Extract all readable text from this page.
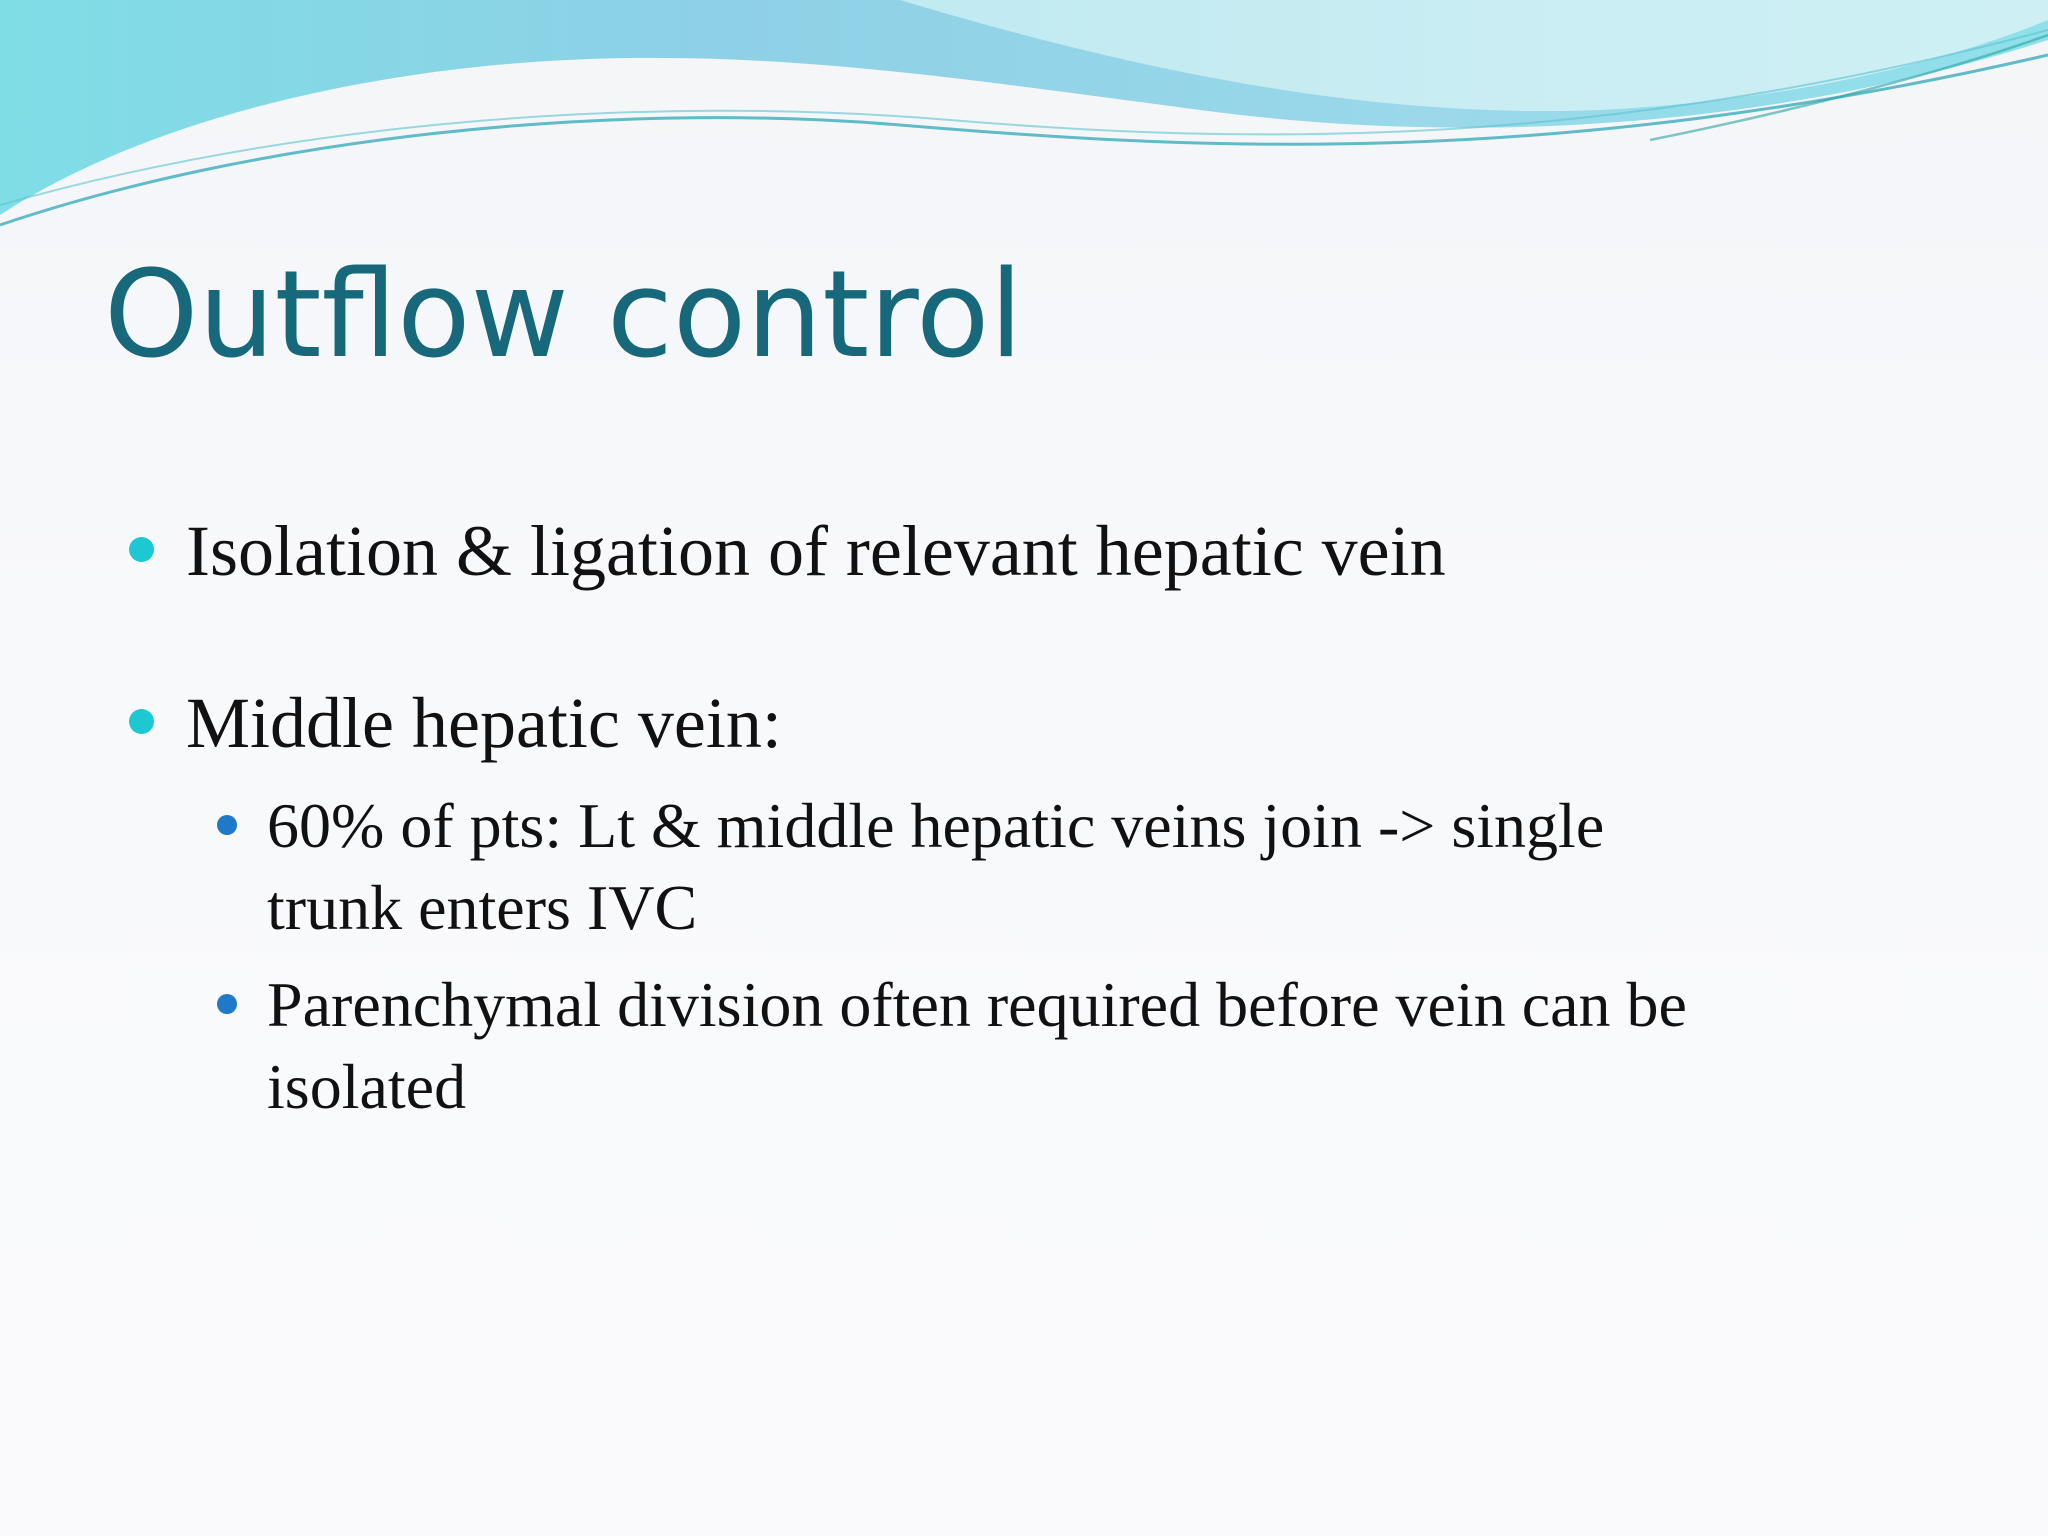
Outflow control
Isolation & ligation of relevant hepatic vein
Middle hepatic vein:
60% of pts: Lt & middle hepatic veins join -> single
trunk enters IVC
Parenchymal division often required before vein can be
isolated
